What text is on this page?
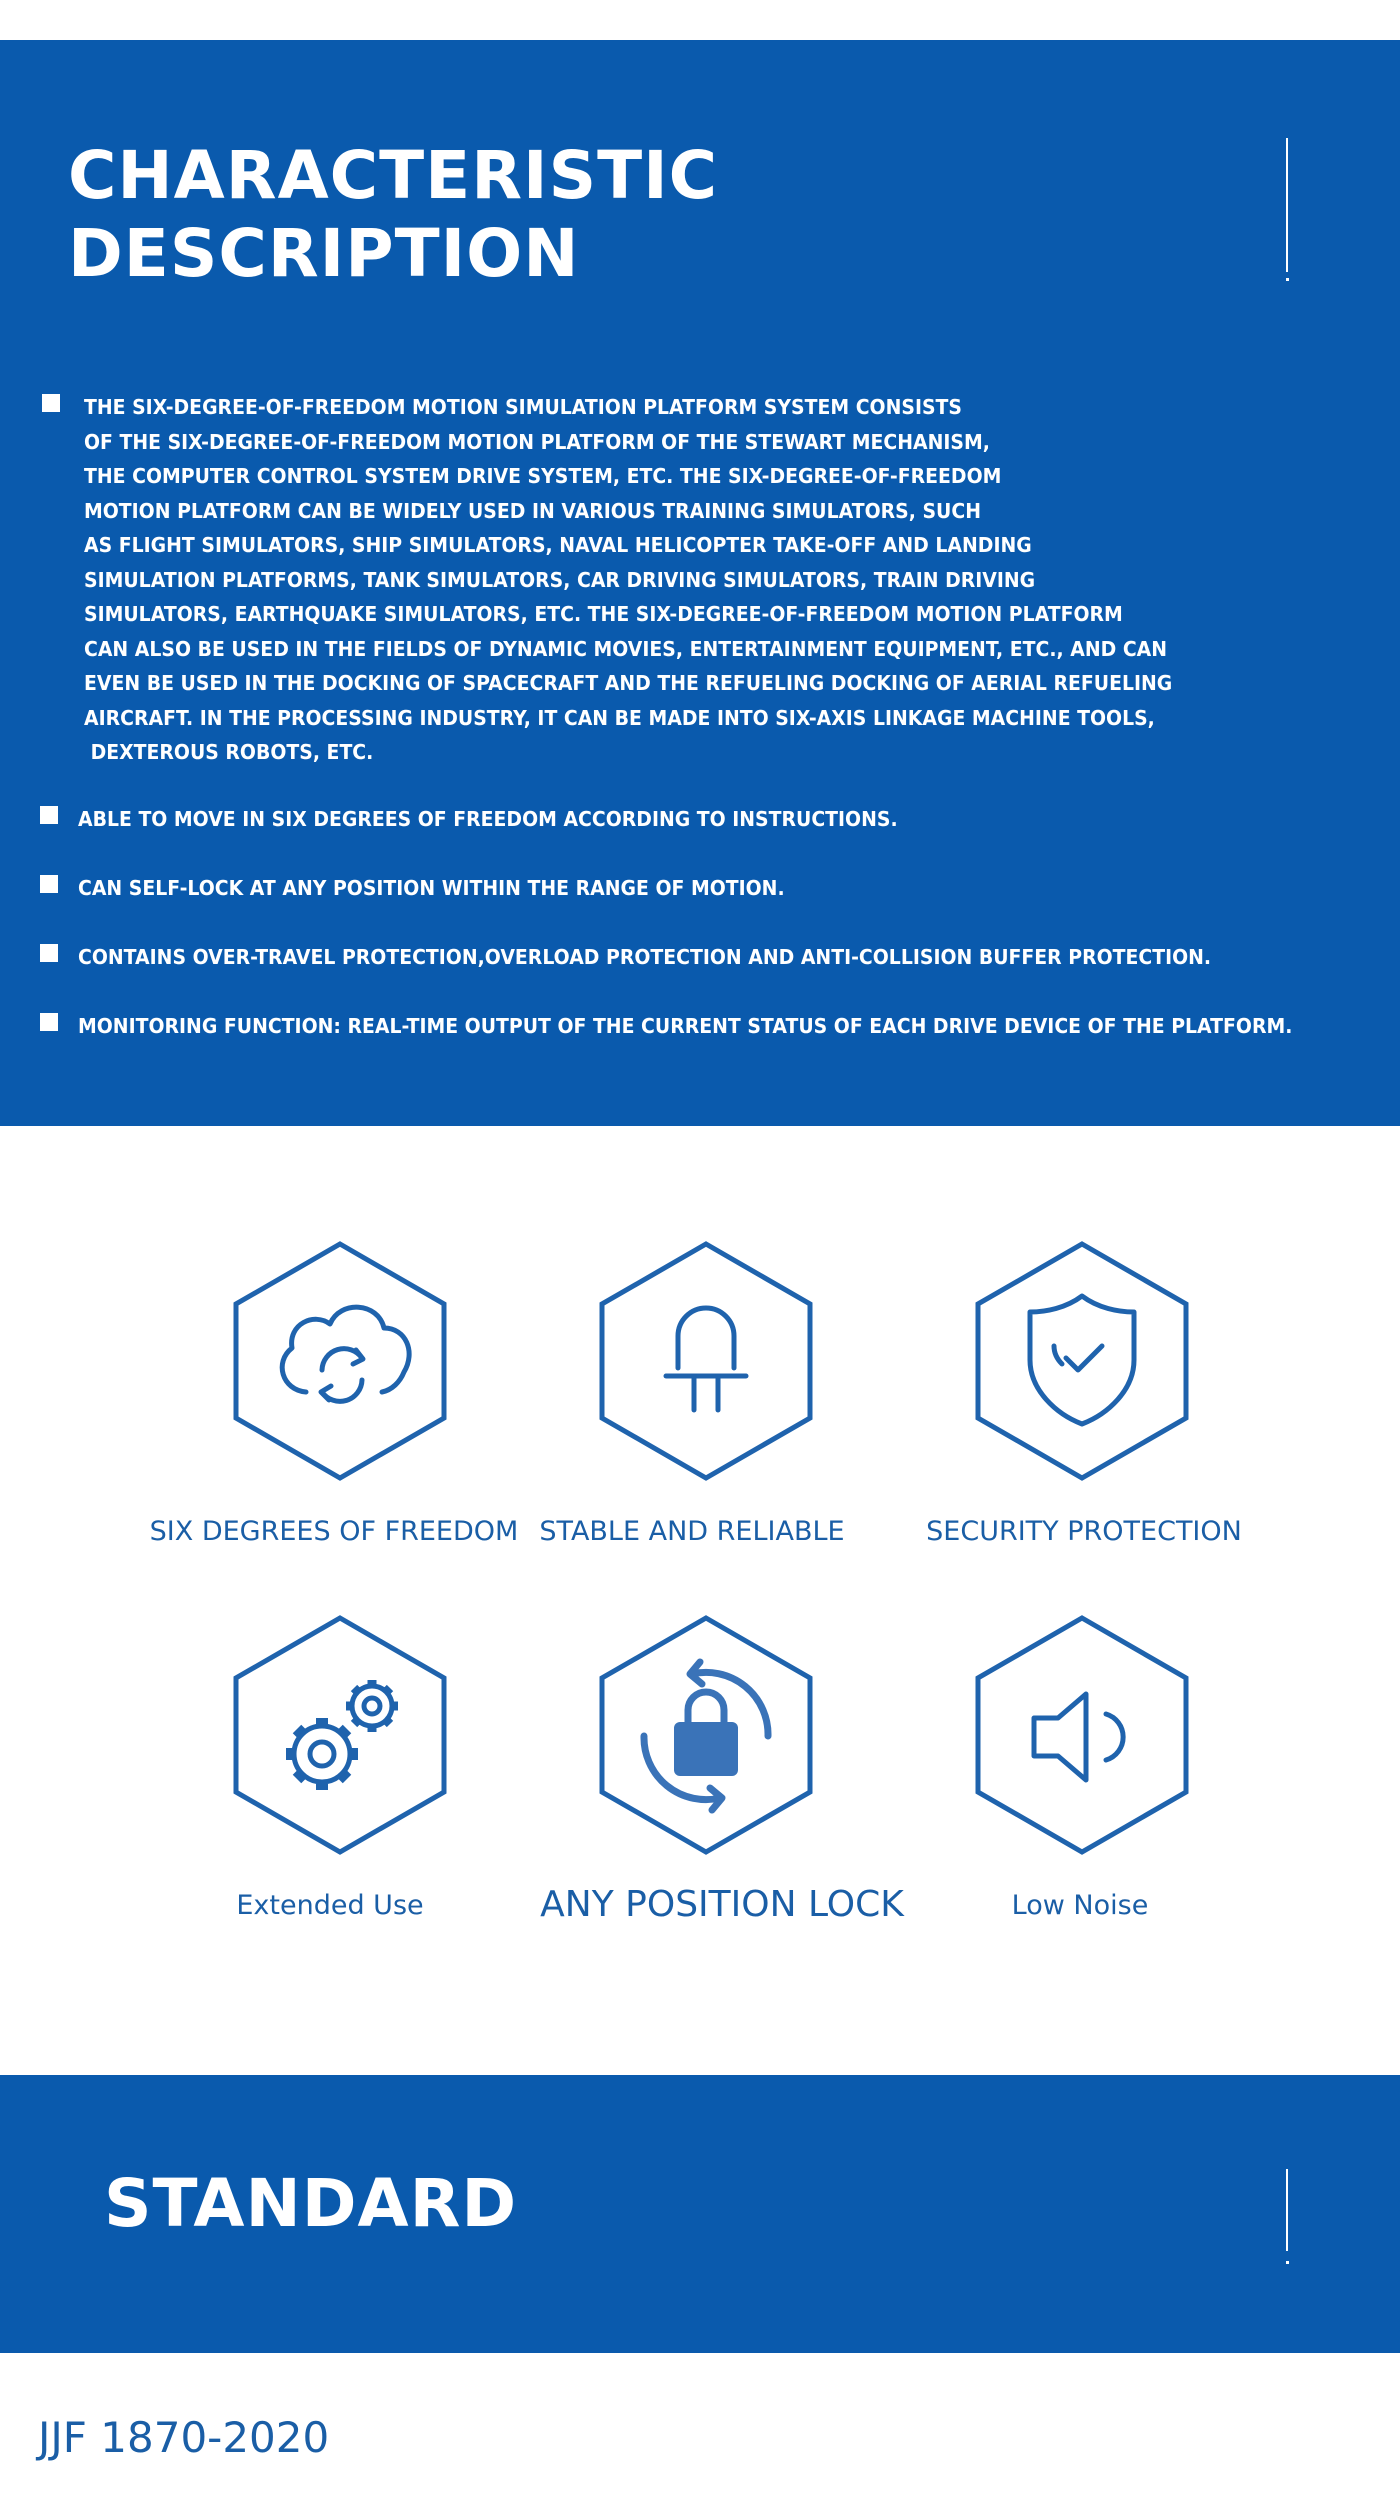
CHARACTERISTIC
DESCRIPTION

THE SIX-DEGREE-OF-FREEDOM MOTION SIMULATION PLATFORM SYSTEM CONSISTS
OF THE SIX-DEGREE-OF-FREEDOM MOTION PLATFORM OF THE STEWART MECHANISM,
THE COMPUTER CONTROL SYSTEM DRIVE SYSTEM, ETC. THE SIX-DEGREE-OF-FREEDOM
MOTION PLATFORM CAN BE WIDELY USED IN VARIOUS TRAINING SIMULATORS, SUCH
AS FLIGHT SIMULATORS, SHIP SIMULATORS, NAVAL HELICOPTER TAKE-OFF AND LANDING
SIMULATION PLATFORMS, TANK SIMULATORS, CAR DRIVING SIMULATORS, TRAIN DRIVING
SIMULATORS, EARTHQUAKE SIMULATORS, ETC. THE SIX-DEGREE-OF-FREEDOM MOTION PLATFORM
CAN ALSO BE USED IN THE FIELDS OF DYNAMIC MOVIES, ENTERTAINMENT EQUIPMENT, ETC., AND CAN
EVEN BE USED IN THE DOCKING OF SPACECRAFT AND THE REFUELING DOCKING OF AERIAL REFUELING
AIRCRAFT. IN THE PROCESSING INDUSTRY, IT CAN BE MADE INTO SIX-AXIS LINKAGE MACHINE TOOLS,
DEXTEROUS ROBOTS, ETC.

ABLE TO MOVE IN SIX DEGREES OF FREEDOM ACCORDING TO INSTRUCTIONS.

CAN SELF-LOCK AT ANY POSITION WITHIN THE RANGE OF MOTION.

CONTAINS OVER-TRAVEL PROTECTION,OVERLOAD PROTECTION AND ANTI-COLLISION BUFFER PROTECTION.

MONITORING FUNCTION: REAL-TIME OUTPUT OF THE CURRENT STATUS OF EACH DRIVE DEVICE OF THE PLATFORM.

SIX DEGREES OF FREEDOM STABLE AND RELIABLE	SECURITY PROTECTION
Extended Use	ANY POSITION LOCK	Low Noise
STANDARD

JJF 1870-2020
